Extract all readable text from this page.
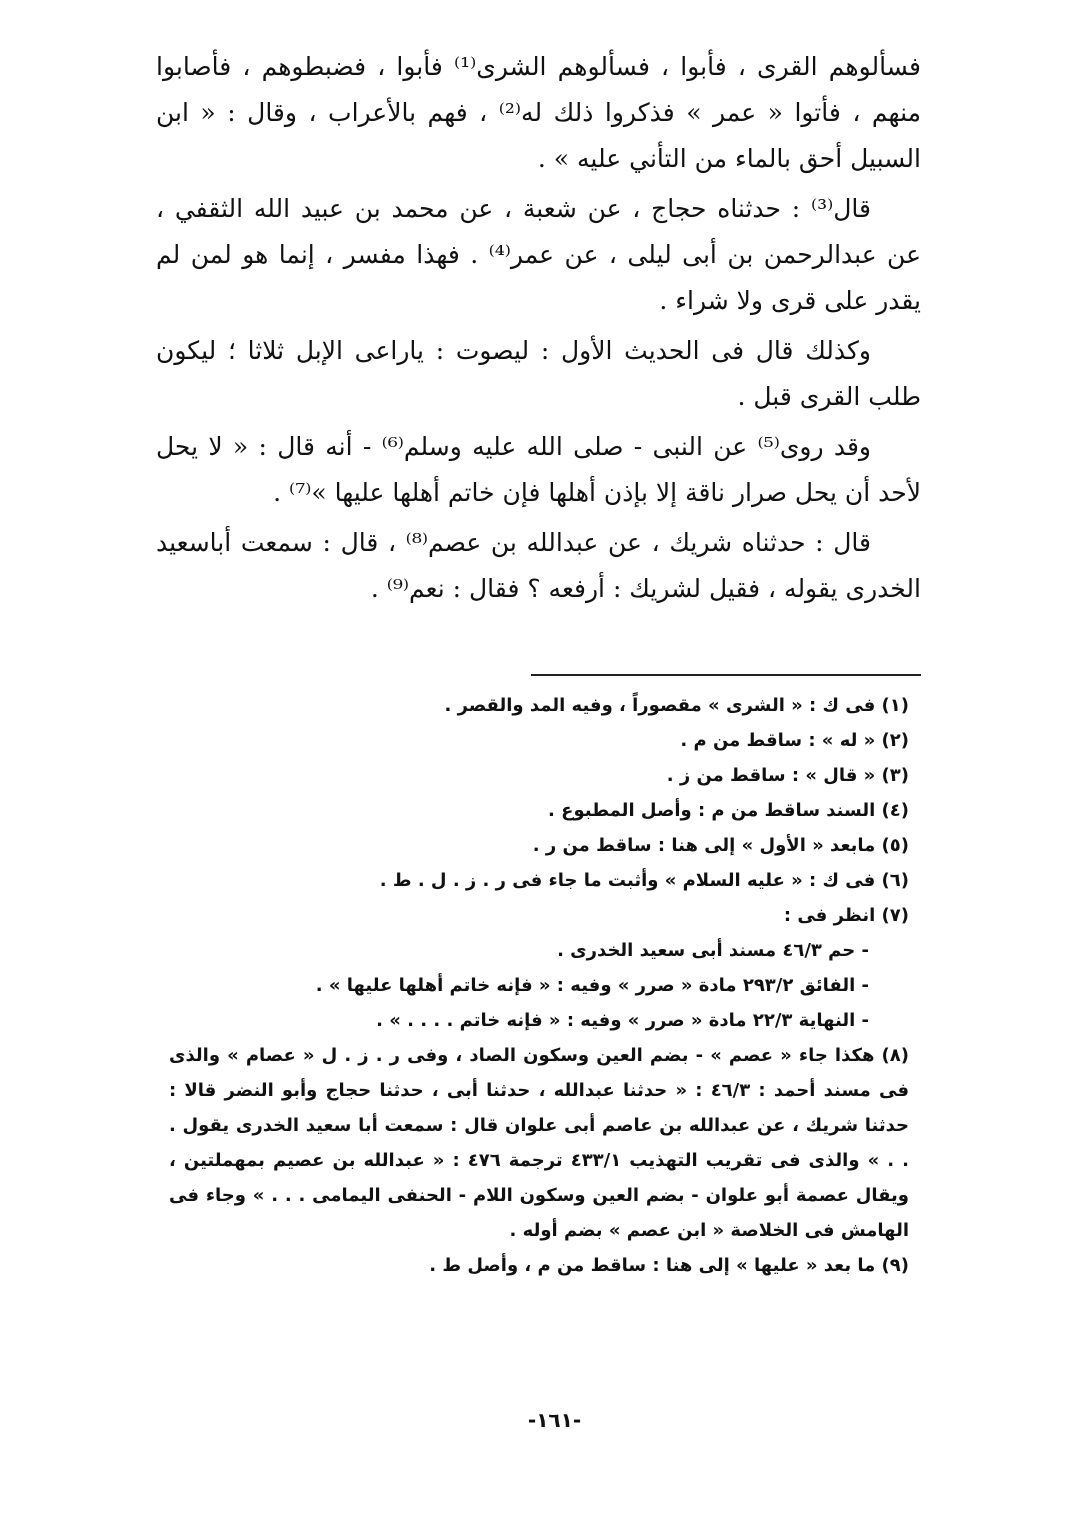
فسألوهم القرى ، فأبوا ، فسألوهم الشرى⁽¹⁾ فأبوا ، فضبطوهم ، فأصابوا منهم ، فأتوا « عمر » فذكروا ذلك له⁽²⁾ ، فهم بالأعراب ، وقال : « ابن السبيل أحق بالماء من التأني عليه » .

قال⁽³⁾ : حدثناه حجاج ، عن شعبة ، عن محمد بن عبيد الله الثقفي ، عن عبدالرحمن بن أبى ليلى ، عن عمر⁽⁴⁾ . فهذا مفسر ، إنما هو لمن لم يقدر على قرى ولا شراء .

وكذلك قال فى الحديث الأول : ليصوت : ياراعى الإبل ثلاثا ؛ ليكون طلب القرى قبل .

وقد روى⁽⁵⁾ عن النبى - صلى الله عليه وسلم⁽⁶⁾ - أنه قال : « لا يحل لأحد أن يحل صرار ناقة إلا بإذن أهلها فإن خاتم أهلها عليها »⁽⁷⁾ .

قال : حدثناه شريك ، عن عبدالله بن عصم⁽⁸⁾ ، قال : سمعت أباسعيد الخدرى يقوله ، فقيل لشريك : أرفعه ؟ فقال : نعم⁽⁹⁾ .

(١) فى ك : « الشرى » مقصوراً ، وفيه المد والقصر .

(٢) « له » : ساقط من م .

(٣) « قال » : ساقط من ز .

(٤) السند ساقط من م : وأصل المطبوع .

(٥) مابعد « الأول » إلى هنا : ساقط من ر .

(٦) فى ك : « عليه السلام » وأثبت ما جاء فى ر . ز . ل . ط .

(٧) انظر فى :

- حم ٤٦/٣ مسند أبى سعيد الخدرى .

- الفائق ٢٩٣/٢ مادة « صرر » وفيه : « فإنه خاتم أهلها عليها » .

- النهاية ٢٢/٣ مادة « صرر » وفيه : « فإنه خاتم . . . . » .

(٨) هكذا جاء « عصم » - بضم العين وسكون الصاد ، وفى ر . ز . ل « عصام » والذى فى مسند أحمد : ٤٦/٣ : « حدثنا عبدالله ، حدثنا أبى ، حدثنا حجاج وأبو النضر قالا : حدثنا شريك ، عن عبدالله بن عاصم أبى علوان قال : سمعت أبا سعيد الخدرى يقول . . . » والذى فى تقريب التهذيب ٤٣٣/١ ترجمة ٤٧٦ : « عبدالله بن عصيم بمهملتين ، ويقال عصمة أبو علوان - بضم العين وسكون اللام - الحنفى اليمامى . . . » وجاء فى الهامش فى الخلاصة « ابن عصم » بضم أوله .

(٩) ما بعد « عليها » إلى هنا : ساقط من م ، وأصل ط .

-١٦١-
